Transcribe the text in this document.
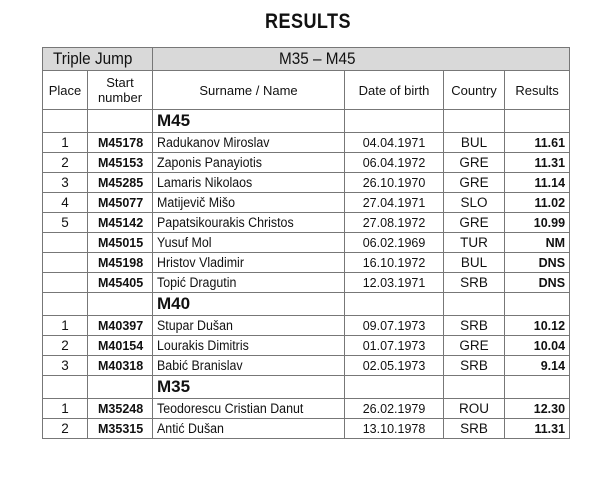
RESULTS
Triple Jump		M35 – M45			
Place	Start number	Surname / Name	Date of birth	Country	Results
		M45			
1	M45178	Radukanov Miroslav	04.04.1971	BUL	11.61
2	M45153	Zaponis Panayiotis	06.04.1972	GRE	11.31
3	M45285	Lamaris Nikolaos	26.10.1970	GRE	11.14
4	M45077	Matijevič Mišo	27.04.1971	SLO	11.02
5	M45142	Papatsikourakis Christos	27.08.1972	GRE	10.99
	M45015	Yusuf Mol	06.02.1969	TUR	NM
	M45198	Hristov Vladimir	16.10.1972	BUL	DNS
	M45405	Topić Dragutin	12.03.1971	SRB	DNS
		M40			
1	M40397	Stupar Dušan	09.07.1973	SRB	10.12
2	M40154	Lourakis Dimitris	01.07.1973	GRE	10.04
3	M40318	Babić Branislav	02.05.1973	SRB	9.14
		M35			
1	M35248	Teodorescu Cristian Danut	26.02.1979	ROU	12.30
2	M35315	Antić Dušan	13.10.1978	SRB	11.31
